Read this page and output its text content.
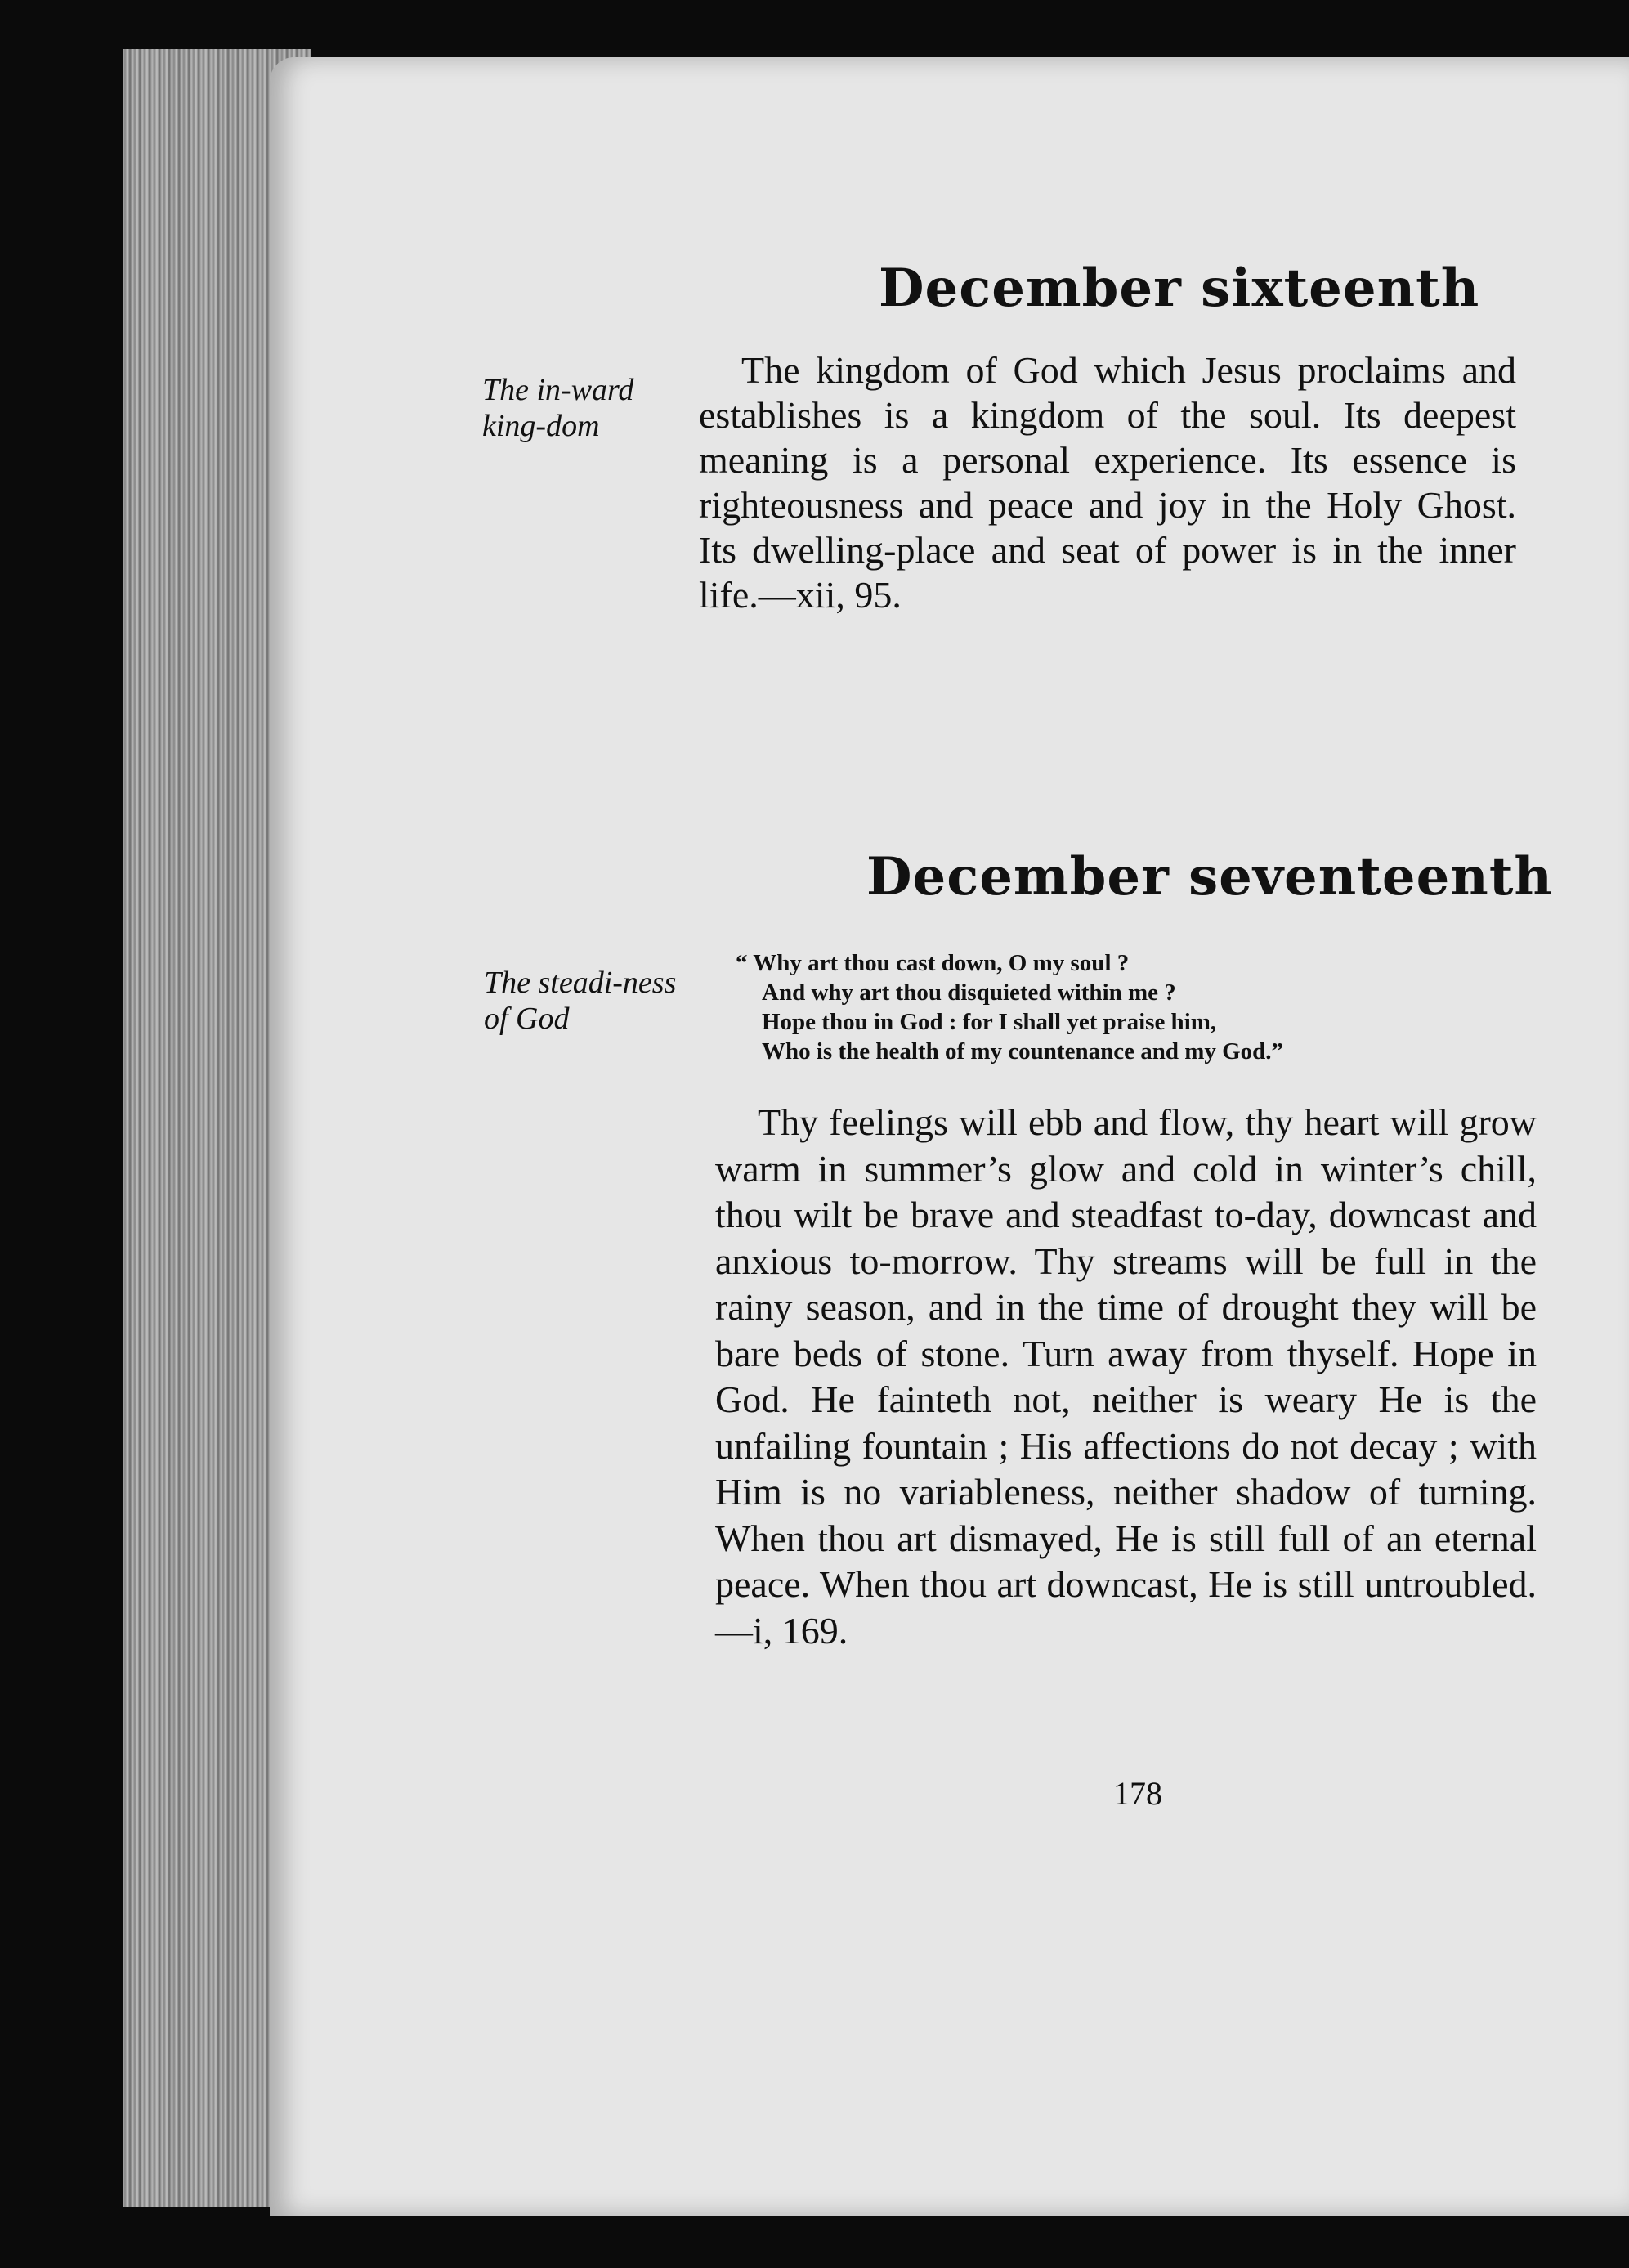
December sixteenth
The in-ward king-dom

The kingdom of God which Jesus proclaims and establishes is a kingdom of the soul. Its deepest meaning is a personal experience. Its essence is righteousness and peace and joy in the Holy Ghost. Its dwelling-place and seat of power is in the inner life.—xii, 95.

December seventeenth
The steadi-ness of God
“ Why art thou cast down, O my soul ?
And why art thou disquieted within me ?
Hope thou in God : for I shall yet praise him,
Who is the health of my countenance and my God.”

Thy feelings will ebb and flow, thy heart will grow warm in summer’s glow and cold in winter’s chill, thou wilt be brave and steadfast to-day, downcast and anxious to-morrow. Thy streams will be full in the rainy season, and in the time of drought they will be bare beds of stone. Turn away from thyself. Hope in God. He fainteth not, neither is weary He is the unfailing fountain ; His affections do not decay ; with Him is no variableness, neither shadow of turning. When thou art dismayed, He is still full of an eternal peace. When thou art downcast, He is still untroubled.—i, 169.

178
